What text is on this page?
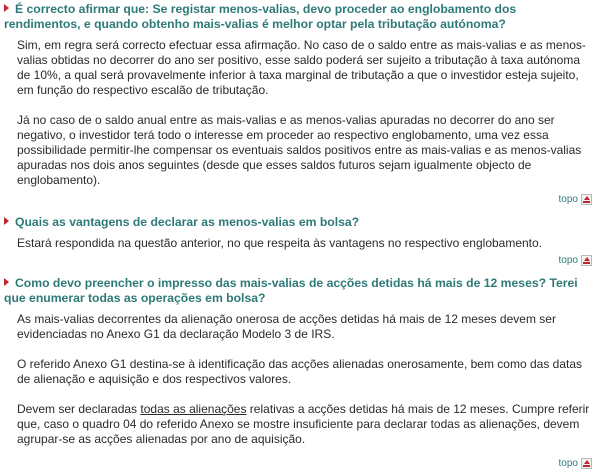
É correcto afirmar que: Se registar menos-valias, devo proceder ao englobamento dos rendimentos, e quando obtenho mais-valias é melhor optar pela tributação autónoma?

Sim, em regra será correcto efectuar essa afirmação. No caso de o saldo entre as mais-valias e as menos-valias obtidas no decorrer do ano ser positivo, esse saldo poderá ser sujeito a tributação à taxa autónoma de 10%, a qual será provavelmente inferior à taxa marginal de tributação a que o investidor esteja sujeito, em função do respectivo escalão de tributação.

Já no caso de o saldo anual entre as mais-valias e as menos-valias apuradas no decorrer do ano ser negativo, o investidor terá todo o interesse em proceder ao respectivo englobamento, uma vez essa possibilidade permitir-lhe compensar os eventuais saldos positivos entre as mais-valias e as menos-valias apuradas nos dois anos seguintes (desde que esses saldos futuros sejam igualmente objecto de englobamento).

topo
Quais as vantagens de declarar as menos-valias em bolsa?

Estará respondida na questão anterior, no que respeita às vantagens no respectivo englobamento.

topo
Como devo preencher o impresso das mais-valias de acções detidas há mais de 12 meses? Terei que enumerar todas as operações em bolsa?

As mais-valias decorrentes da alienação onerosa de acções detidas há mais de 12 meses devem ser evidenciadas no Anexo G1 da declaração Modelo 3 de IRS.

O referido Anexo G1 destina-se à identificação das acções alienadas onerosamente, bem como das datas de alienação e aquisição e dos respectivos valores.

Devem ser declaradas todas as alienações relativas a acções detidas há mais de 12 meses. Cumpre referir que, caso o quadro 04 do referido Anexo se mostre insuficiente para declarar todas as alienações, devem agrupar-se as acções alienadas por ano de aquisição.

topo
